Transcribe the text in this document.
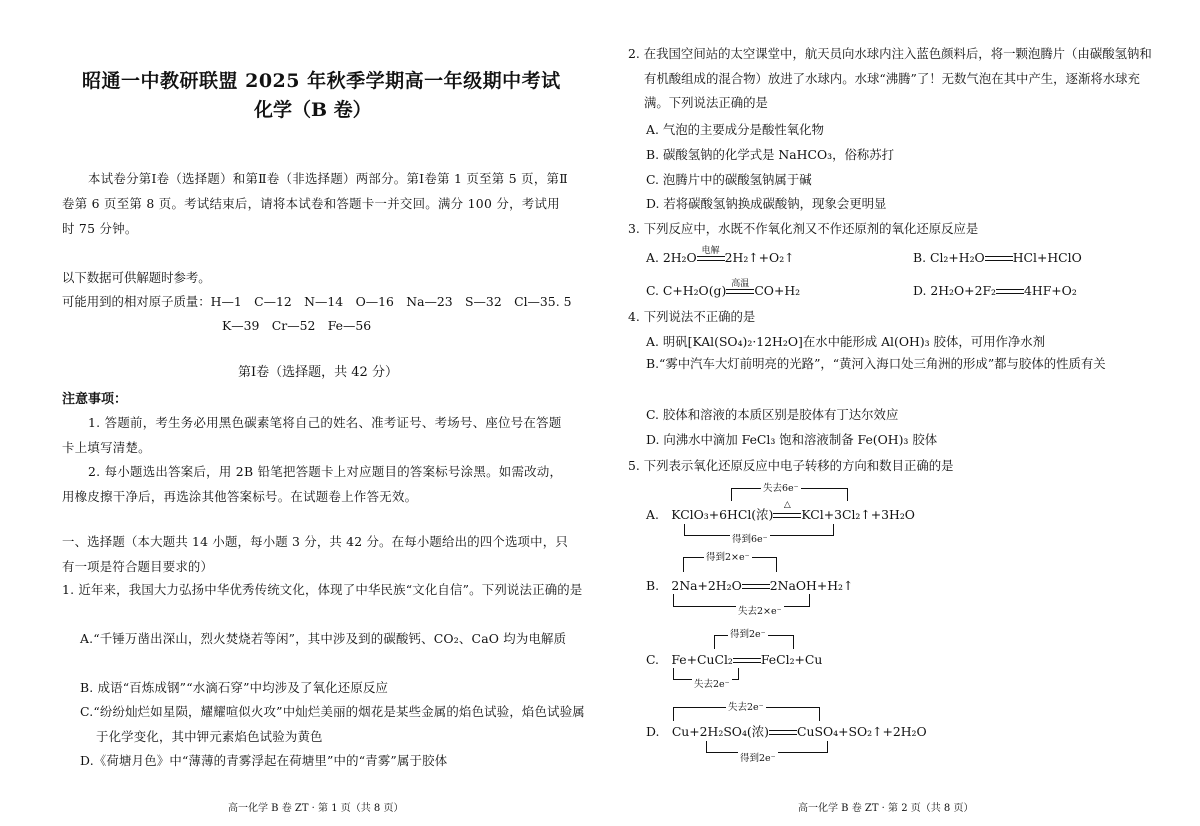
昭通一中教研联盟 2025 年秋季学期高一年级期中考试
化学（B 卷）
本试卷分第Ⅰ卷（选择题）和第Ⅱ卷（非选择题）两部分。第Ⅰ卷第 1 页至第 5 页，第Ⅱ卷第 6 页至第 8 页。考试结束后，请将本试卷和答题卡一并交回。满分 100 分，考试用时 75 分钟。
以下数据可供解题时参考。
可能用到的相对原子质量：H—1　C—12　N—14　O—16　Na—23　S—32　Cl—35. 5
K—39　Cr—52　Fe—56
第Ⅰ卷（选择题，共 42 分）
注意事项：
1. 答题前，考生务必用黑色碳素笔将自己的姓名、准考证号、考场号、座位号在答题卡上填写清楚。
2. 每小题选出答案后，用 2B 铅笔把答题卡上对应题目的答案标号涂黑。如需改动，用橡皮擦干净后，再选涂其他答案标号。在试题卷上作答无效。
一、选择题（本大题共 14 小题，每小题 3 分，共 42 分。在每小题给出的四个选项中，只有一项是符合题目要求的）
1. 近年来，我国大力弘扬中华优秀传统文化，体现了中华民族“文化自信”。下列说法正确的是
A.“千锤万凿出深山，烈火焚烧若等闲”，其中涉及到的碳酸钙、CO₂、CaO 均为电解质
B. 成语“百炼成钢”“水滴石穿”中均涉及了氧化还原反应
C.“纷纷灿烂如星陨，耀耀喧似火攻”中灿烂美丽的烟花是某些金属的焰色试验，焰色试验属于化学变化，其中钾元素焰色试验为黄色
D.《荷塘月色》中“薄薄的青雾浮起在荷塘里”中的“青雾”属于胶体
高一化学 B 卷 ZT · 第 1 页（共 8 页）
2. 在我国空间站的太空课堂中，航天员向水球内注入蓝色颜料后，将一颗泡腾片（由碳酸氢钠和有机酸组成的混合物）放进了水球内。水球“沸腾”了！无数气泡在其中产生，逐渐将水球充满。下列说法正确的是
A. 气泡的主要成分是酸性氧化物
B. 碳酸氢钠的化学式是 NaHCO₃，俗称苏打
C. 泡腾片中的碳酸氢钠属于碱
D. 若将碳酸氢钠换成碳酸钠，现象会更明显
3. 下列反应中，水既不作氧化剂又不作还原剂的氧化还原反应是
A. 2H₂O 电解 2H₂↑+O₂↑	B. Cl₂+H₂O HCl+HClO
C. C+H₂O(g) 高温 CO+H₂	D. 2H₂O+2F₂ 4HF+O₂
4. 下列说法不正确的是
A. 明矾[KAl(SO₄)₂·12H₂O]在水中能形成 Al(OH)₃ 胶体，可用作净水剂
B.“雾中汽车大灯前明亮的光路”，“黄河入海口处三角洲的形成”都与胶体的性质有关
C. 胶体和溶液的本质区别是胶体有丁达尔效应
D. 向沸水中滴加 FeCl₃ 饱和溶液制备 Fe(OH)₃ 胶体
5. 下列表示氧化还原反应中电子转移的方向和数目正确的是
失去6e⁻
A.　KClO₃+6HCl(浓)
△
KCl+3Cl₂↑+3H₂O
得到6e⁻
得到2×e⁻
B.　2Na+2H₂O 2NaOH+H₂↑
失去2×e⁻
得到2e⁻
C.　Fe+CuCl₂ FeCl₂+Cu
失去2e⁻
失去2e⁻
D.　Cu+2H₂SO₄(浓) CuSO₄+SO₂↑+2H₂O
得到2e⁻
高一化学 B 卷 ZT · 第 2 页（共 8 页）
